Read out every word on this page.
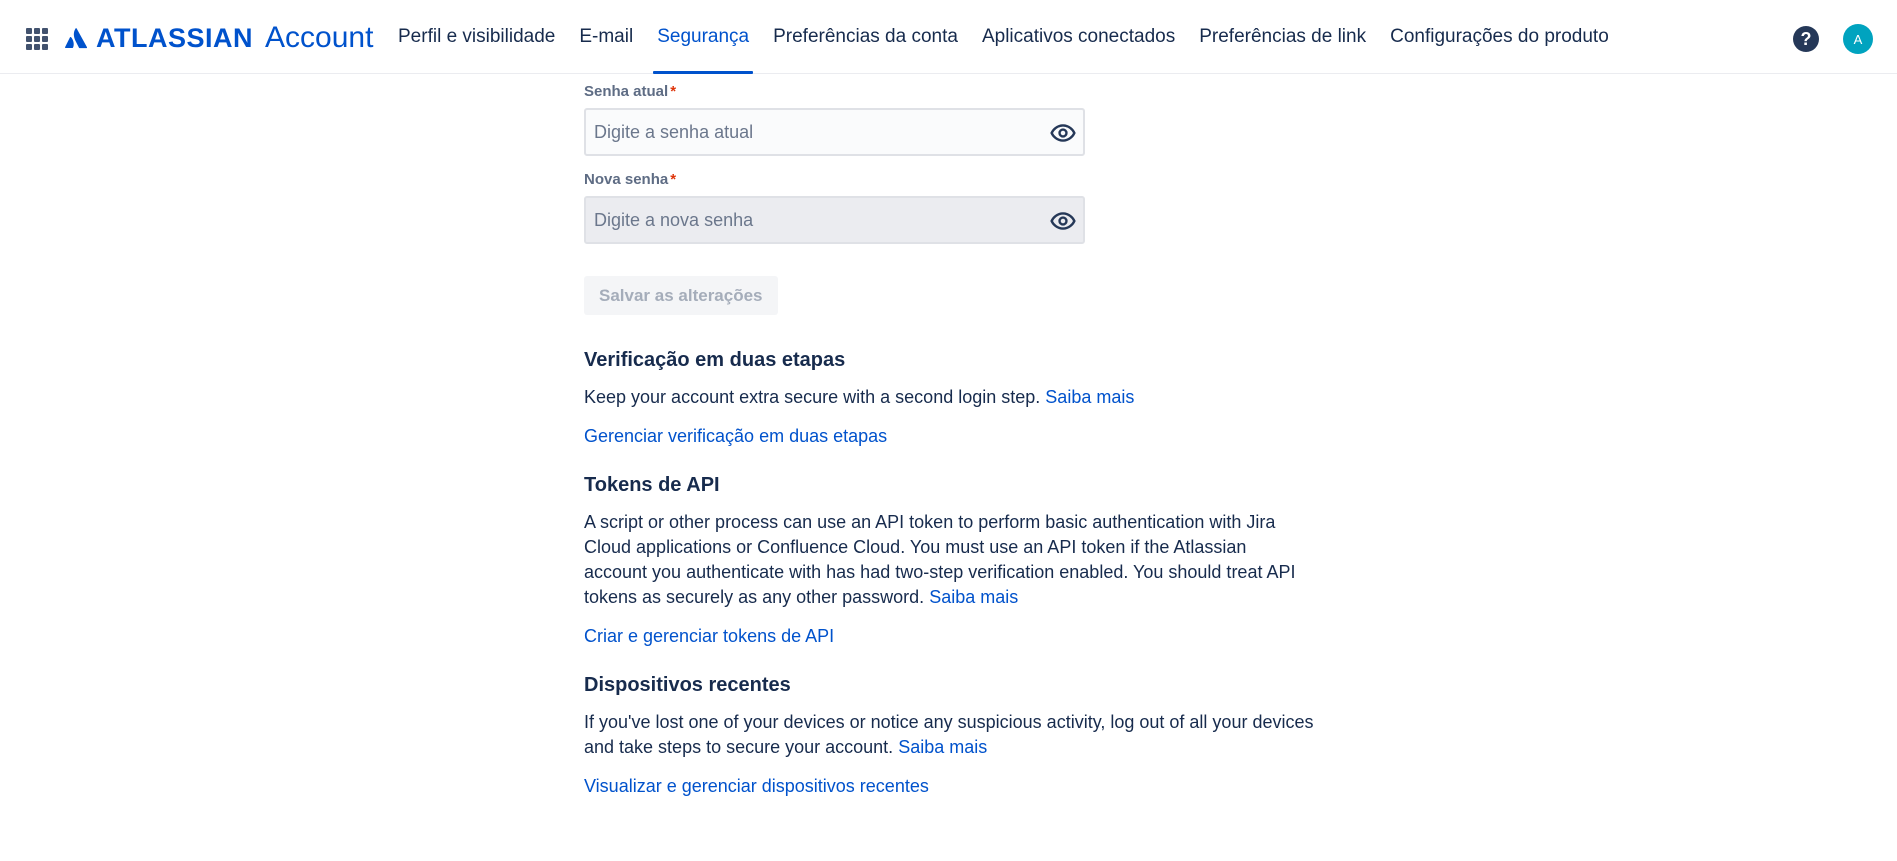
ATLASSIAN Account	Perfil e visibilidade	E-mail	Segurança	Preferências da conta	Aplicativos conectados	Preferências de link	Configurações do produto	?	A
Senha atual *
Nova senha *
Salvar as alterações
Verificação em duas etapas

Keep your account extra secure with a second login step. Saiba mais

Gerenciar verificação em duas etapas
Tokens de API

A script or other process can use an API token to perform basic authentication with Jira Cloud applications or Confluence Cloud. You must use an API token if the Atlassian account you authenticate with has had two-step verification enabled. You should treat API tokens as securely as any other password. Saiba mais

Criar e gerenciar tokens de API
Dispositivos recentes

If you've lost one of your devices or notice any suspicious activity, log out of all your devices and take steps to secure your account. Saiba mais

Visualizar e gerenciar dispositivos recentes
